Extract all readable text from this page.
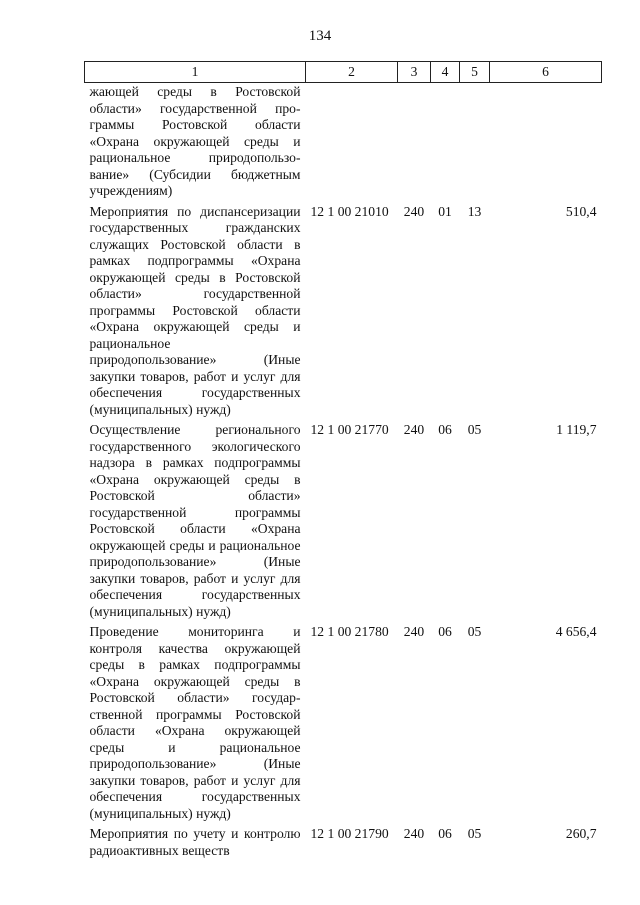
134
1	2	3	4	5	6
жающей среды в Ростовской области» государственной программы Ростовской области «Охрана окружающей среды и рациональное природопользование» (Субсидии бюджетным учреждениям)					
Мероприятия по диспансеризации государственных гражданских служащих Ростовской области в рамках подпрограммы «Охрана окружающей среды в Ростовской области» государственной программы Ростовской области «Охрана окружающей среды и рациональное природопользование» (Иные закупки товаров, работ и услуг для обеспечения государственных (муниципальных) нужд)	12 1 00 21010	240	01	13	510,4
Осуществление регионального государственного экологического надзора в рамках подпрограммы «Охрана окружающей среды в Ростовской области» государственной программы Ростовской области «Охрана окружающей среды и рациональное природопользование» (Иные закупки товаров, работ и услуг для обеспечения государственных (муниципальных) нужд)	12 1 00 21770	240	06	05	1 119,7
Проведение мониторинга и контроля качества окружающей среды в рамках подпрограммы «Охрана окружающей среды в Ростовской области» государственной программы Ростовской области «Охрана окружающей среды и рациональное природопользование» (Иные закупки товаров, работ и услуг для обеспечения государственных (муниципальных) нужд)	12 1 00 21780	240	06	05	4 656,4
Мероприятия по учету и контролю радиоактивных веществ	12 1 00 21790	240	06	05	260,7
